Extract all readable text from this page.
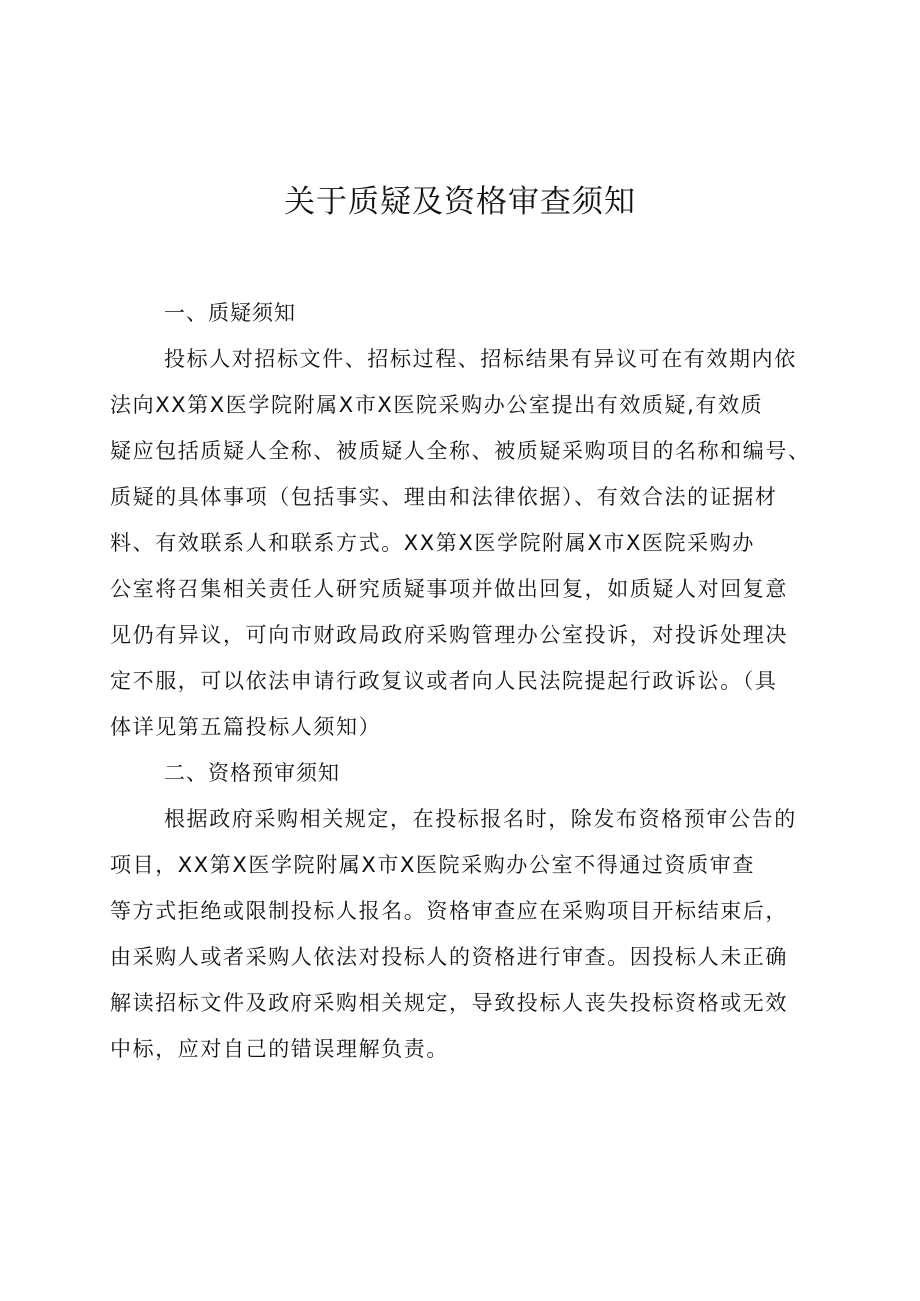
关于质疑及资格审查须知
一、质疑须知
投标人对招标文件、招标过程、招标结果有异议可在有效期内依
法向XX第X医学院附属X市X医院采购办公室提出有效质疑,有效质
疑应包括质疑人全称、被质疑人全称、被质疑采购项目的名称和编号、
质疑的具体事项（包括事实、理由和法律依据）、有效合法的证据材
料、有效联系人和联系方式。XX第X医学院附属X市X医院采购办
公室将召集相关责任人研究质疑事项并做出回复，如质疑人对回复意
见仍有异议，可向市财政局政府采购管理办公室投诉，对投诉处理决
定不服，可以依法申请行政复议或者向人民法院提起行政诉讼。（具
体详见第五篇投标人须知）
二、资格预审须知
根据政府采购相关规定，在投标报名时，除发布资格预审公告的
项目，XX第X医学院附属X市X医院采购办公室不得通过资质审查
等方式拒绝或限制投标人报名。资格审查应在采购项目开标结束后，
由采购人或者采购人依法对投标人的资格进行审查。因投标人未正确
解读招标文件及政府采购相关规定，导致投标人丧失投标资格或无效
中标，应对自己的错误理解负责。
